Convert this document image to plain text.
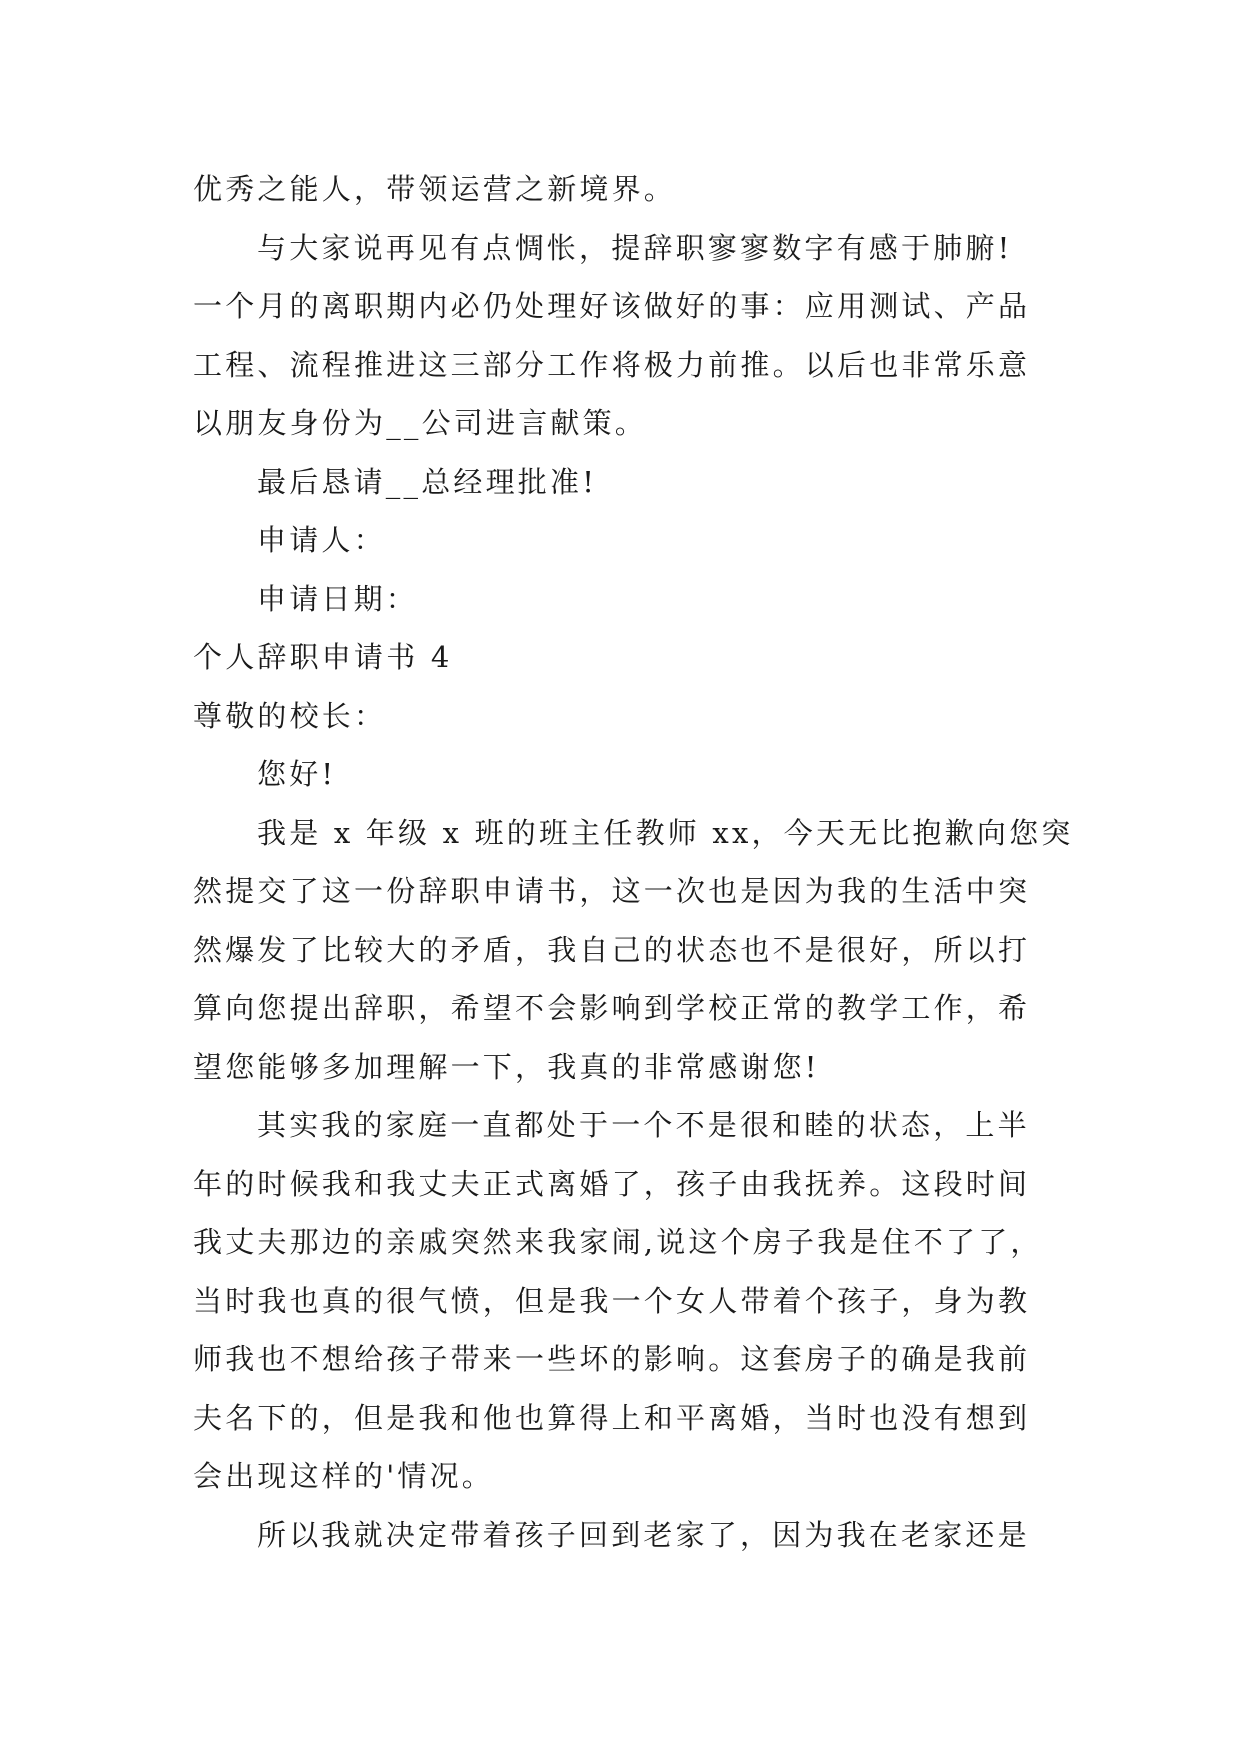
优秀之能人，带领运营之新境界。
与大家说再见有点惆怅，提辞职寥寥数字有感于肺腑!
一个月的离职期内必仍处理好该做好的事：应用测试、产品
工程、流程推进这三部分工作将极力前推。以后也非常乐意
以朋友身份为__公司进言献策。
最后恳请__总经理批准!
申请人：
申请日期：
个人辞职申请书 4
尊敬的校长：
您好!
我是 x 年级 x 班的班主任教师 xx，今天无比抱歉向您突
然提交了这一份辞职申请书，这一次也是因为我的生活中突
然爆发了比较大的矛盾，我自己的状态也不是很好，所以打
算向您提出辞职，希望不会影响到学校正常的教学工作，希
望您能够多加理解一下，我真的非常感谢您!
其实我的家庭一直都处于一个不是很和睦的状态，上半
年的时候我和我丈夫正式离婚了，孩子由我抚养。这段时间
我丈夫那边的亲戚突然来我家闹,说这个房子我是住不了了，
当时我也真的很气愤，但是我一个女人带着个孩子，身为教
师我也不想给孩子带来一些坏的影响。这套房子的确是我前
夫名下的，但是我和他也算得上和平离婚，当时也没有想到
会出现这样的'情况。
所以我就决定带着孩子回到老家了，因为我在老家还是
